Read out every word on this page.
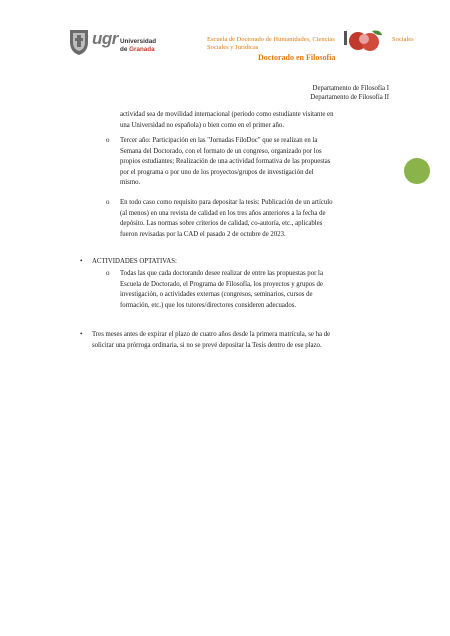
ugr Universidad
de Granada
Escuela de Doctorado de Humanidades, Ciencias Sociales y Jurídicas
Doctorado en Filosofía
Sociales
Departamento de Filosofía I
Departamento de Filosofía II
actividad sea de movilidad internacional (periodo como estudiante visitante en
una Universidad no española) o bien como en el primer año.
o Tercer año: Participación en las "Jornadas FiloDoc" que se realizan en la
Semana del Doctorado, con el formato de un congreso, organizado por los
propios estudiantes; Realización de una actividad formativa de las propuestas
por el programa o por uno de los proyectos/grupos de investigación del
mismo.
o En todo caso como requisito para depositar la tesis: Publicación de un artículo
(al menos) en una revista de calidad en los tres años anteriores a la fecha de
depósito. Las normas sobre criterios de calidad, co-autoría, etc., aplicables
fueron revisadas por la CAD el pasado 2 de octubre de 2023.
• ACTIVIDADES OPTATIVAS:
o Todas las que cada doctorando desee realizar de entre las propuestas por la
Escuela de Doctorado, el Programa de Filosofía, los proyectos y grupos de
investigación, o actividades externas (congresos, seminarios, cursos de
formación, etc.) que los tutores/directores consideren adecuados.
• Tres meses antes de expirar el plazo de cuatro años desde la primera matrícula, se ha de
solicitar una prórroga ordinaria, si no se prevé depositar la Tesis dentro de ese plazo.
